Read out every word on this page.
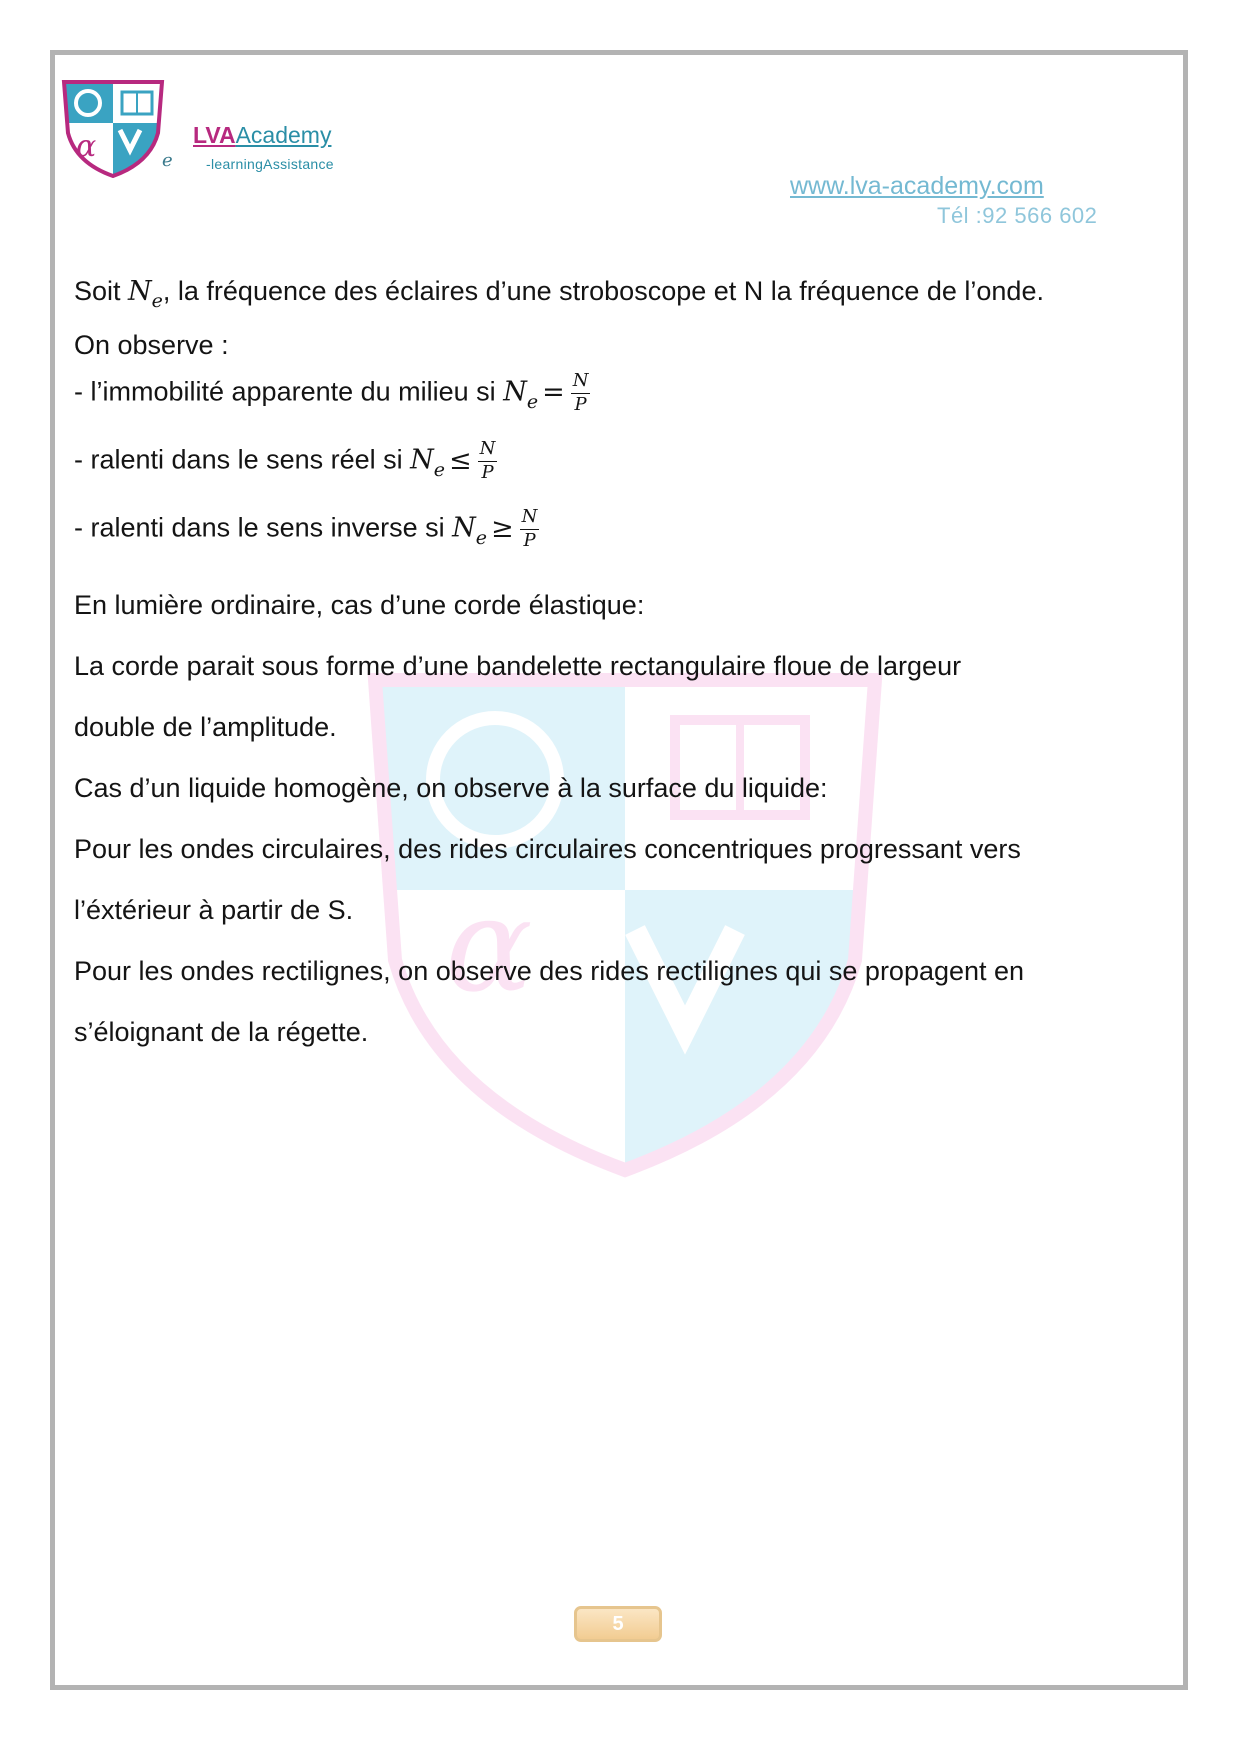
α
α	e
LVAAcademy
-learningAssistance
www.lva-academy.com
Tél :92 566 602
Soit $N_e$, la fréquence des éclaires d’une stroboscope et N la fréquence de l’onde.
On observe :
- l’immobilité apparente du milieu si $N_e = \frac{N}{P}$
- ralenti dans le sens réel si $N_e \le \frac{N}{P}$
- ralenti dans le sens inverse si $N_e \ge \frac{N}{P}$
En lumière ordinaire, cas d’une corde élastique:
La corde parait sous forme d’une bandelette rectangulaire floue de largeur
double de l’amplitude.
Cas d’un liquide homogène, on observe à la surface du liquide:
Pour les ondes circulaires, des rides circulaires concentriques progressant vers
l’éxtérieur à partir de S.
Pour les ondes rectilignes, on observe des rides rectilignes qui se propagent en
s’éloignant de la régette.
5
